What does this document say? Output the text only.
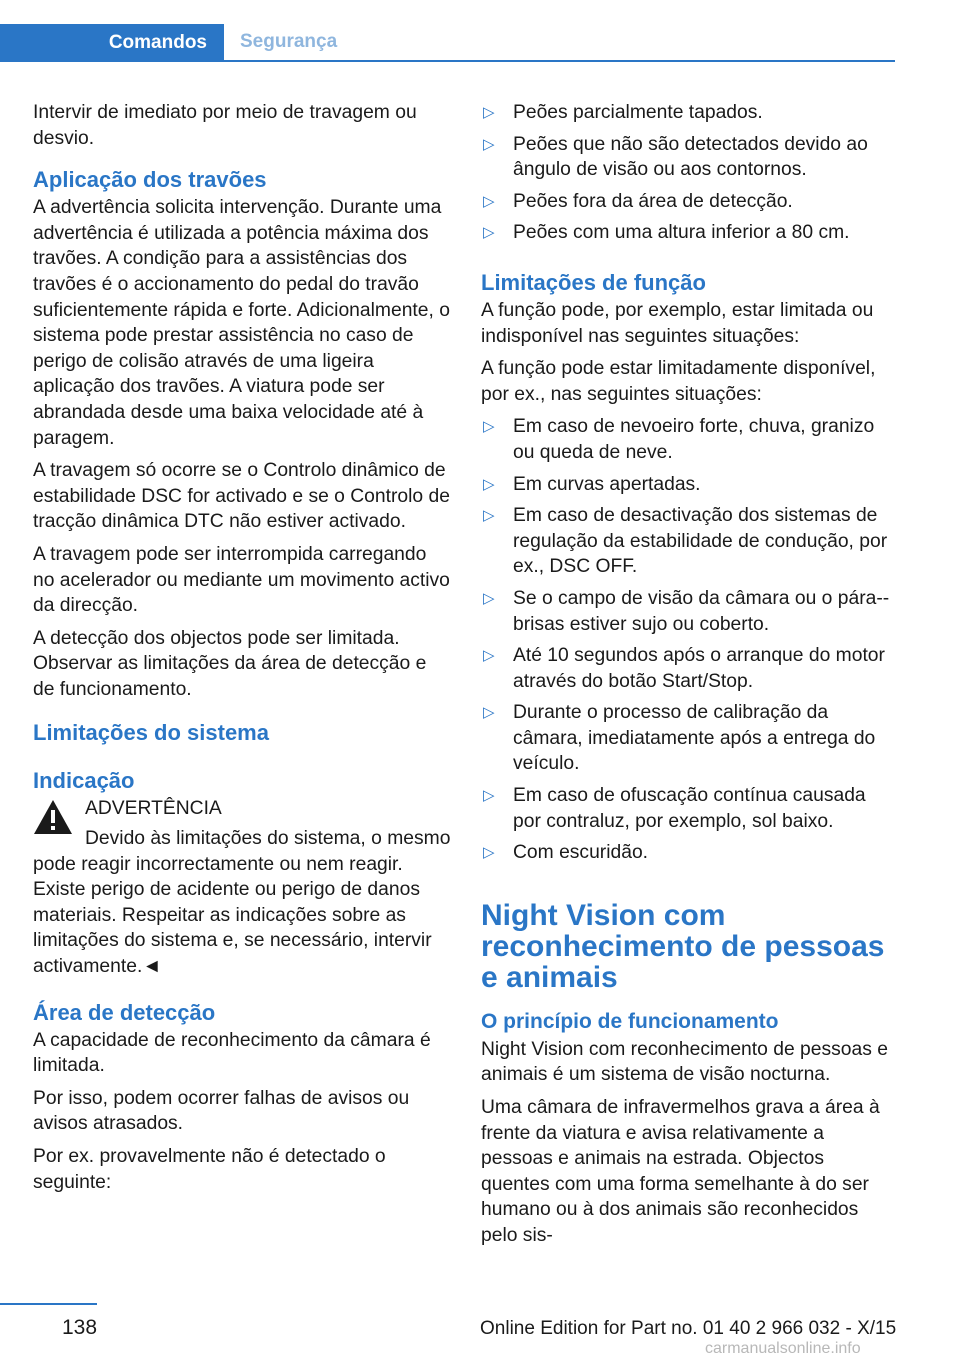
Comandos	Segurança

Intervir de imediato por meio de travagem ou desvio.

Aplicação dos travões

A advertência solicita intervenção. Durante uma advertência é utilizada a potência máxima dos travões. A condição para a assistências dos travões é o accionamento do pedal do travão suficientemente rápida e forte. Adicionalmente, o sistema pode prestar assistência no caso de perigo de colisão através de uma ligeira aplicação dos travões. A viatura pode ser abrandada desde uma baixa velocidade até à paragem.

A travagem só ocorre se o Controlo dinâmico de estabilidade DSC for activado e se o Controlo de tracção dinâmica DTC não estiver activado.

A travagem pode ser interrompida carregando no acelerador ou mediante um movimento activo da direcção.

A detecção dos objectos pode ser limitada. Observar as limitações da área de detecção e de funcionamento.

Limitações do sistema
Indicação

ADVERTÊNCIA

Devido às limitações do sistema, o mesmo pode reagir incorrectamente ou nem reagir. Existe perigo de acidente ou perigo de danos materiais. Respeitar as indicações sobre as limitações do sistema e, se necessário, intervir activamente.◄

Área de detecção

A capacidade de reconhecimento da câmara é limitada.

Por isso, podem ocorrer falhas de avisos ou avisos atrasados.

Por ex. provavelmente não é detectado o seguinte:

▷ Peões parcialmente tapados.
▷ Peões que não são detectados devido ao ângulo de visão ou aos contornos.
▷ Peões fora da área de detecção.
▷ Peões com uma altura inferior a 80 cm.
Limitações de função

A função pode, por exemplo, estar limitada ou indisponível nas seguintes situações:

A função pode estar limitadamente disponível, por ex., nas seguintes situações:

▷ Em caso de nevoeiro forte, chuva, granizo ou queda de neve.
▷ Em curvas apertadas.
▷ Em caso de desactivação dos sistemas de regulação da estabilidade de condução, por ex., DSC OFF.
▷ Se o campo de visão da câmara ou o pára--brisas estiver sujo ou coberto.
▷ Até 10 segundos após o arranque do motor através do botão Start/Stop.
▷ Durante o processo de calibração da câmara, imediatamente após a entrega do veículo.
▷ Em caso de ofuscação contínua causada por contraluz, por exemplo, sol baixo.
▷ Com escuridão.
Night Vision com reconhecimento de pessoas e animais
O princípio de funcionamento

Night Vision com reconhecimento de pessoas e animais é um sistema de visão nocturna.

Uma câmara de infravermelhos grava a área à frente da viatura e avisa relativamente a pessoas e animais na estrada. Objectos quentes com uma forma semelhante à do ser humano ou à dos animais são reconhecidos pelo sis-

138	Online Edition for Part no. 01 40 2 966 032 - X/15
carmanualsonline.info
